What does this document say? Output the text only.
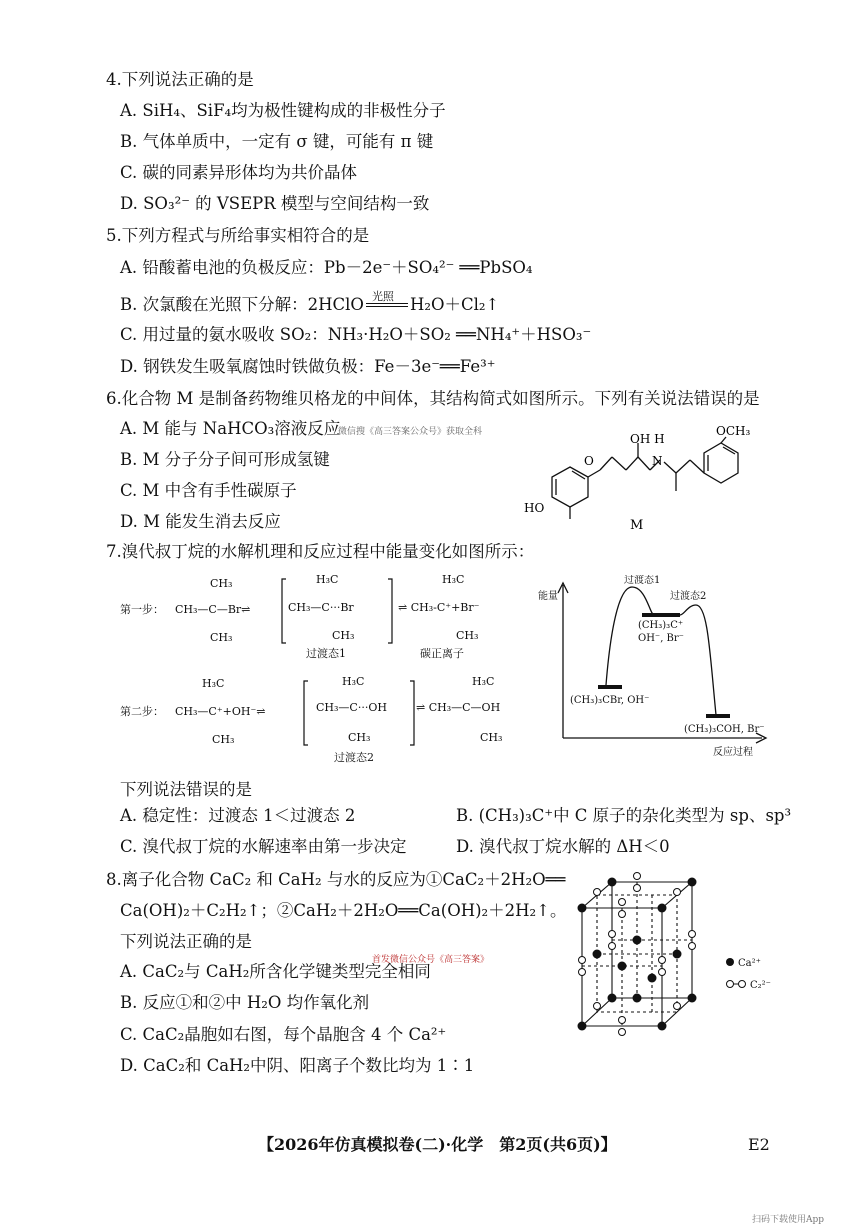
4.下列说法正确的是
A. SiH₄、SiF₄均为极性键构成的非极性分子
B. 气体单质中，一定有 σ 键，可能有 π 键
C. 碳的同素异形体均为共价晶体
D. SO₃²⁻ 的 VSEPR 模型与空间结构一致
5.下列方程式与所给事实相符合的是
A. 铅酸蓄电池的负极反应：Pb－2e⁻＋SO₄²⁻ ══PbSO₄
B. 次氯酸在光照下分解：2HClO 光照 H₂O＋Cl₂↑
C. 用过量的氨水吸收 SO₂：NH₃·H₂O＋SO₂ ══NH₄⁺＋HSO₃⁻
D. 钢铁发生吸氧腐蚀时铁做负极：Fe－3e⁻══Fe³⁺
6.化合物 M 是制备药物维贝格龙的中间体，其结构简式如图所示。下列有关说法错误的是
A. M 能与 NaHCO₃溶液反应
微信搜《高三答案公众号》获取全科
B. M 分子分子间可形成氢键
C. M 中含有手性碳原子
D. M 能发生消去反应
O
OH H
N
OCH₃
HO
M
7.溴代叔丁烷的水解机理和反应过程中能量变化如图所示：
第一步： CH₃—C—Br⇌
CH₃
CH₃
CH₃—C···Br
H₃C
CH₃
⇌ CH₃-C⁺+Br⁻
H₃C
CH₃
过渡态1	碳正离子
第二步： CH₃—C⁺+OH⁻⇌
H₃C
CH₃
CH₃—C···OH
H₃C
CH₃
⇌ CH₃—C—OH
H₃C
CH₃
过渡态2
能量
反应过程
过渡态1
过渡态2
(CH₃)₃C⁺
OH⁻, Br⁻
(CH₃)₃CBr, OH⁻
(CH₃)₃COH, Br⁻
下列说法错误的是
A. 稳定性：过渡态 1＜过渡态 2	B. (CH₃)₃C⁺中 C 原子的杂化类型为 sp、sp³
C. 溴代叔丁烷的水解速率由第一步决定	D. 溴代叔丁烷水解的 ΔH＜0
8.离子化合物 CaC₂ 和 CaH₂ 与水的反应为①CaC₂＋2H₂O══
Ca(OH)₂＋C₂H₂↑；②CaH₂＋2H₂O══Ca(OH)₂＋2H₂↑。
下列说法正确的是
首发微信公众号《高三答案》
A. CaC₂与 CaH₂所含化学键类型完全相同
B. 反应①和②中 H₂O 均作氧化剂
C. CaC₂晶胞如右图，每个晶胞含 4 个 Ca²⁺
D. CaC₂和 CaH₂中阴、阳离子个数比均为 1∶1
Ca²⁺
C₂²⁻
【2026年仿真模拟卷(二)·化学　第2页(共6页)】	E2
扫码下载使用App
